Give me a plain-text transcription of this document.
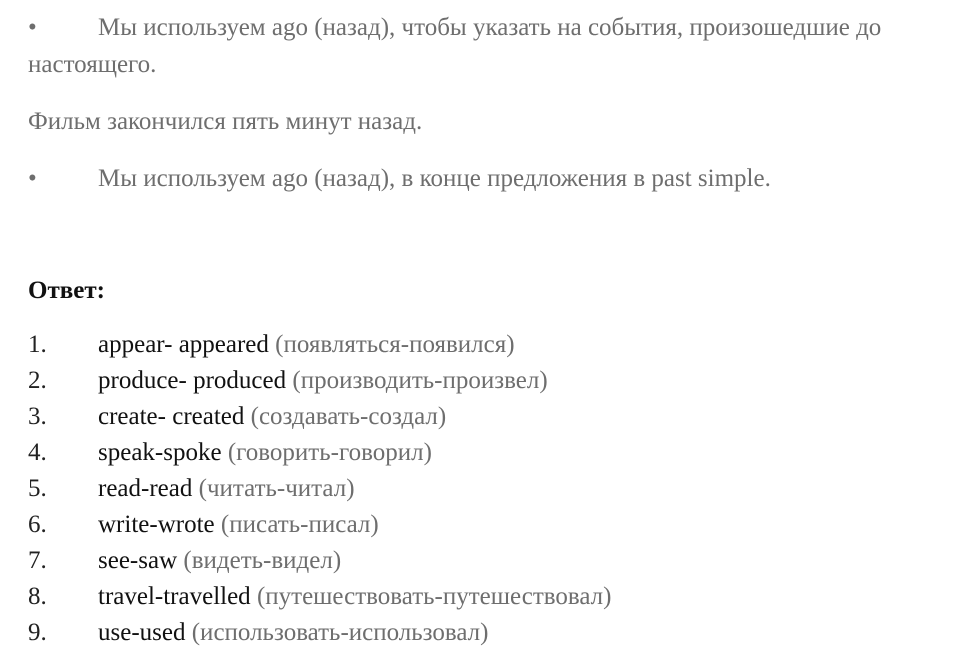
• Мы используем ago (назад), чтобы указать на события, произошедшие до настоящего.
Фильм закончился пять минут назад.
• Мы используем ago (назад), в конце предложения в past simple.
Ответ:
1. appear- appeared (появляться-появился)
2. produce- produced (производить-произвел)
3. create- created (создавать-создал)
4. speak-spoke (говорить-говорил)
5. read-read (читать-читал)
6. write-wrote (писать-писал)
7. see-saw (видеть-видел)
8. travel-travelled (путешествовать-путешествовал)
9. use-used (использовать-использовал)
